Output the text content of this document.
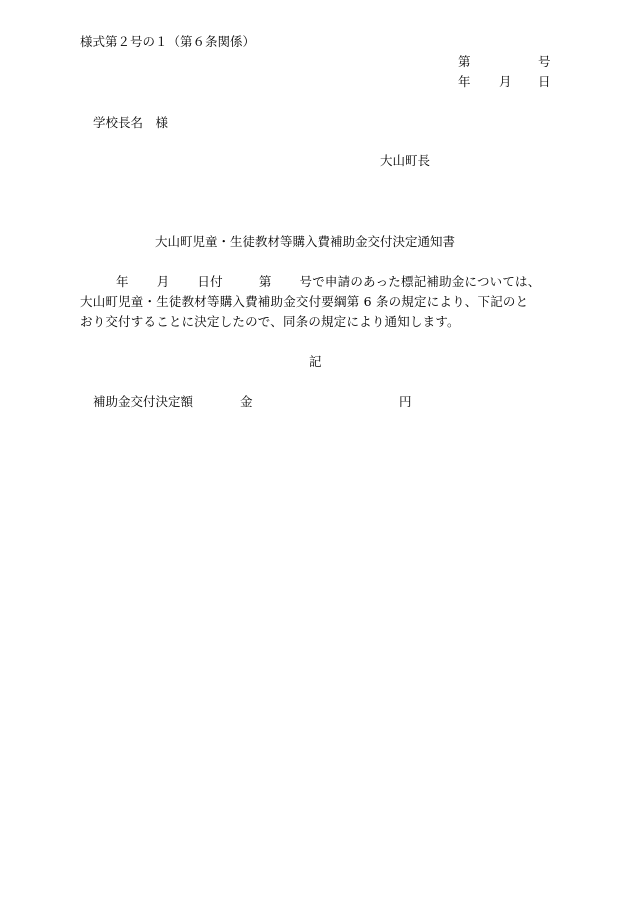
様式第２号の１（第６条関係）
第	号
年 月 日
学校長名　様
大山町長
大山町児童・生徒教材等購入費補助金交付決定通知書
年 月 日付	第 号で申請のあった標記補助金については、
大山町児童・生徒教材等購入費補助金交付要綱第 6 条の規定により、下記のと
おり交付することに決定したので、同条の規定により通知します。
記
補助金交付決定額	金	円
